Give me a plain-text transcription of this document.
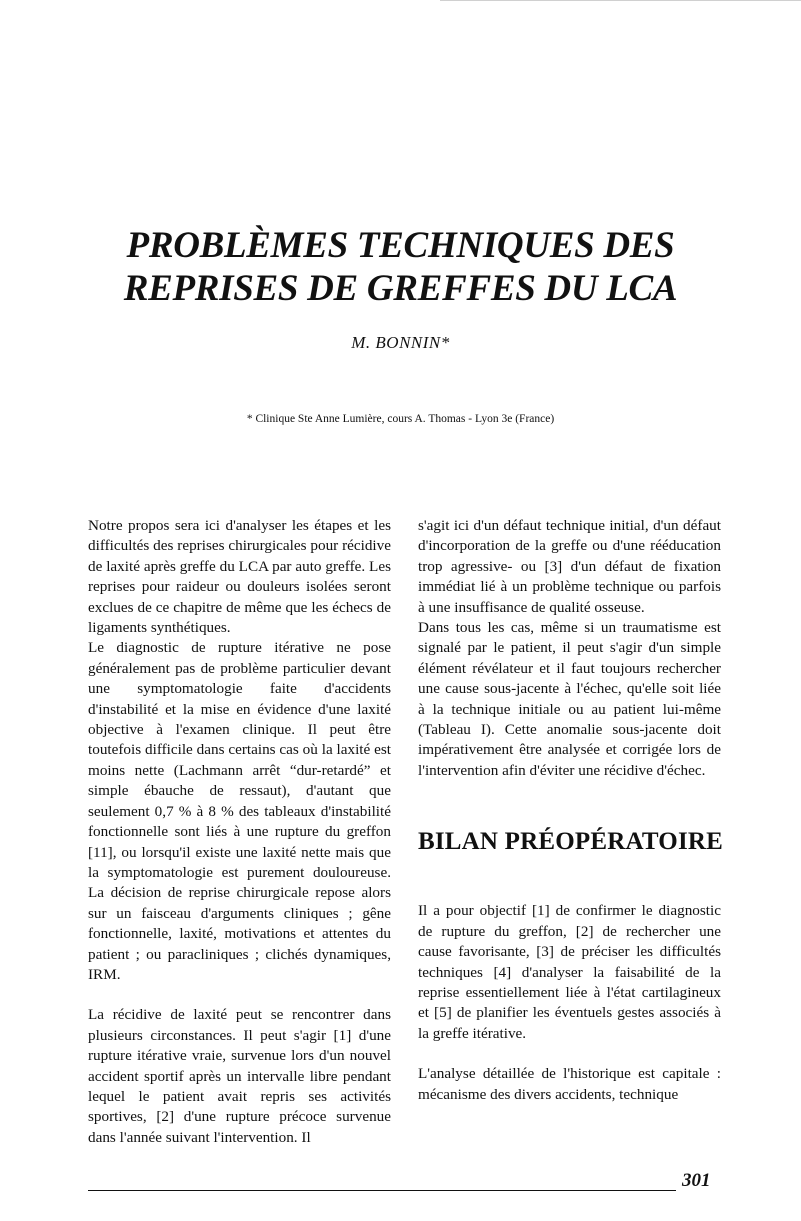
PROBLÈMES TECHNIQUES DES
REPRISES DE GREFFES DU LCA
M. BONNIN*
* Clinique Ste Anne Lumière, cours A. Thomas - Lyon 3e (France)

Notre propos sera ici d'analyser les étapes et les difficultés des reprises chirurgicales pour récidive de laxité après greffe du LCA par auto greffe. Les reprises pour raideur ou douleurs isolées seront exclues de ce chapitre de même que les échecs de ligaments synthétiques.

Le diagnostic de rupture itérative ne pose généralement pas de problème particulier devant une symptomatologie faite d'accidents d'instabilité et la mise en évidence d'une laxité objective à l'examen clinique. Il peut être toutefois difficile dans certains cas où la laxité est moins nette (Lachmann arrêt “dur-retardé” et simple ébauche de ressaut), d'autant que seulement 0,7 % à 8 % des tableaux d'instabilité fonctionnelle sont liés à une rupture du greffon [11], ou lorsqu'il existe une laxité nette mais que la symptomatologie est purement douloureuse. La décision de reprise chirurgicale repose alors sur un faisceau d'arguments cliniques ; gêne fonctionnelle, laxité, motivations et attentes du patient ; ou paracliniques ; clichés dynamiques, IRM.

La récidive de laxité peut se rencontrer dans plusieurs circonstances. Il peut s'agir [1] d'une rupture itérative vraie, survenue lors d'un nouvel accident sportif après un intervalle libre pendant lequel le patient avait repris ses activités sportives, [2] d'une rupture précoce survenue dans l'année suivant l'intervention. Il

s'agit ici d'un défaut technique initial, d'un défaut d'incorporation de la greffe ou d'une rééducation trop agressive- ou [3] d'un défaut de fixation immédiat lié à un problème technique ou parfois à une insuffisance de qualité osseuse.

Dans tous les cas, même si un traumatisme est signalé par le patient, il peut s'agir d'un simple élément révélateur et il faut toujours rechercher une cause sous-jacente à l'échec, qu'elle soit liée à la technique initiale ou au patient lui-même (Tableau I). Cette anomalie sous-jacente doit impérativement être analysée et corrigée lors de l'intervention afin d'éviter une récidive d'échec.

BILAN PRÉOPÉRATOIRE

Il a pour objectif [1] de confirmer le diagnostic de rupture du greffon, [2] de rechercher une cause favorisante, [3] de préciser les difficultés techniques [4] d'analyser la faisabilité de la reprise essentiellement liée à l'état cartilagineux et [5] de planifier les éventuels gestes associés à la greffe itérative.

L'analyse détaillée de l'historique est capitale : mécanisme des divers accidents, technique

301
